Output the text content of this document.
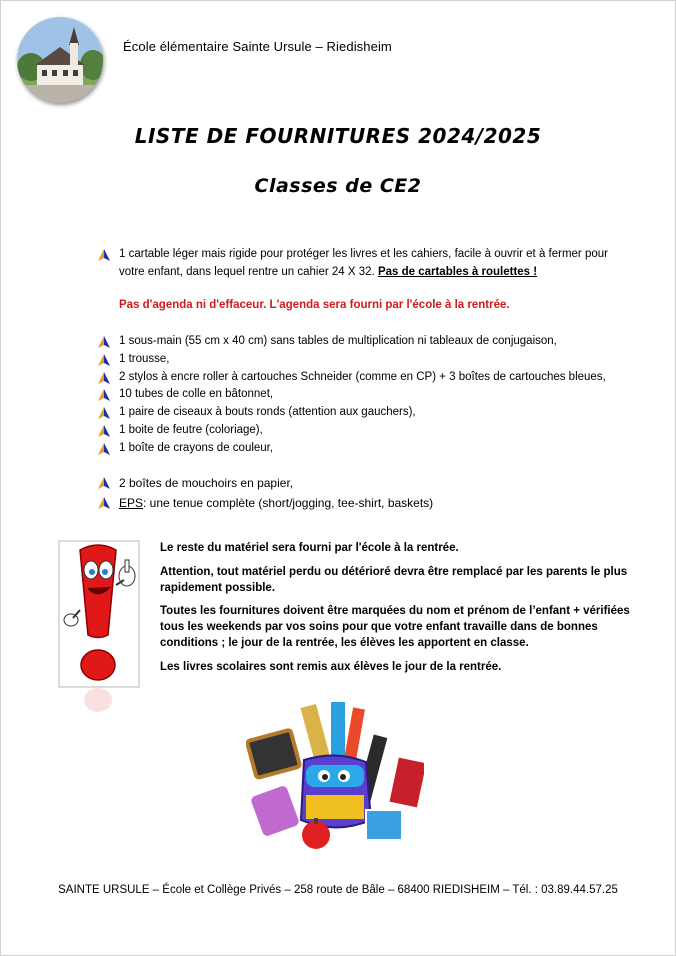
École élémentaire Sainte Ursule – Riedisheim
LISTE DE FOURNITURES 2024/2025
Classes de CE2
1 cartable léger mais rigide pour protéger les livres et les cahiers, facile à ouvrir et à fermer pour votre enfant, dans lequel rentre un cahier 24 X 32. Pas de cartables à roulettes !
Pas d'agenda ni d'effaceur. L'agenda sera fourni par l'école à la rentrée.
1 sous-main (55 cm x 40 cm) sans tables de multiplication ni tableaux de conjugaison,
1 trousse,
2 stylos à encre roller à cartouches Schneider (comme en CP) + 3 boîtes de cartouches bleues,
10 tubes de colle en bâtonnet,
1 paire de ciseaux à bouts ronds (attention aux gauchers),
1 boite de feutre (coloriage),
1 boîte de crayons de couleur,
2 boîtes de mouchoirs en papier,
EPS: une tenue complète (short/jogging, tee-shirt, baskets)

Le reste du matériel sera fourni par l'école à la rentrée.

Attention, tout matériel perdu ou détérioré devra être remplacé par les parents le plus rapidement possible.

Toutes les fournitures doivent être marquées du nom et prénom de l’enfant + vérifiées tous les weekends par vos soins pour que votre enfant travaille dans de bonnes conditions ; le jour de la rentrée, les élèves les apportent en classe.

Les livres scolaires sont remis aux élèves le jour de la rentrée.

SAINTE URSULE – École et Collège Privés – 258 route de Bâle – 68400 RIEDISHEIM – Tél. : 03.89.44.57.25
